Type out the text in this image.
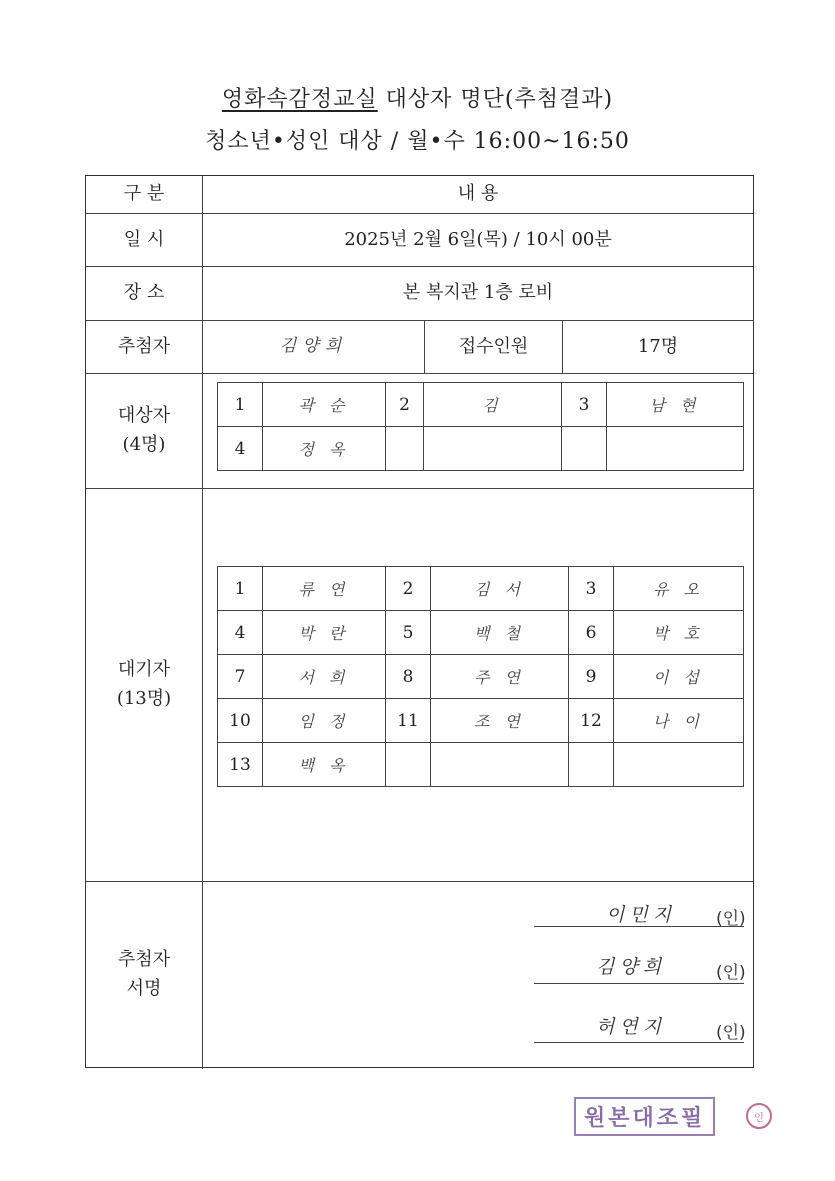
영화속감정교실 대상자 명단(추첨결과)
청소년•성인 대상 / 월•수 16:00~16:50
구 분	내 용
일 시	2025년 2월 6일(목) / 10시 00분
장 소	본 복지관 1층 로비
추첨자	김양희	접수인원	17명
대상자
(4명)
1	곽 순	2	김	3	남 현
4	정 옥				
대기자
(13명)
1	류 연	2	김 서	3	유 오
4	박 란	5	백 철	6	박 호
7	서 희	8	주 연	9	이 섭
10	임 정	11	조 연	12	나 이
13	백 옥				
추첨자
서명
이민지 (인)
김양희	(인)
허연지	(인)
원본대조필	인
